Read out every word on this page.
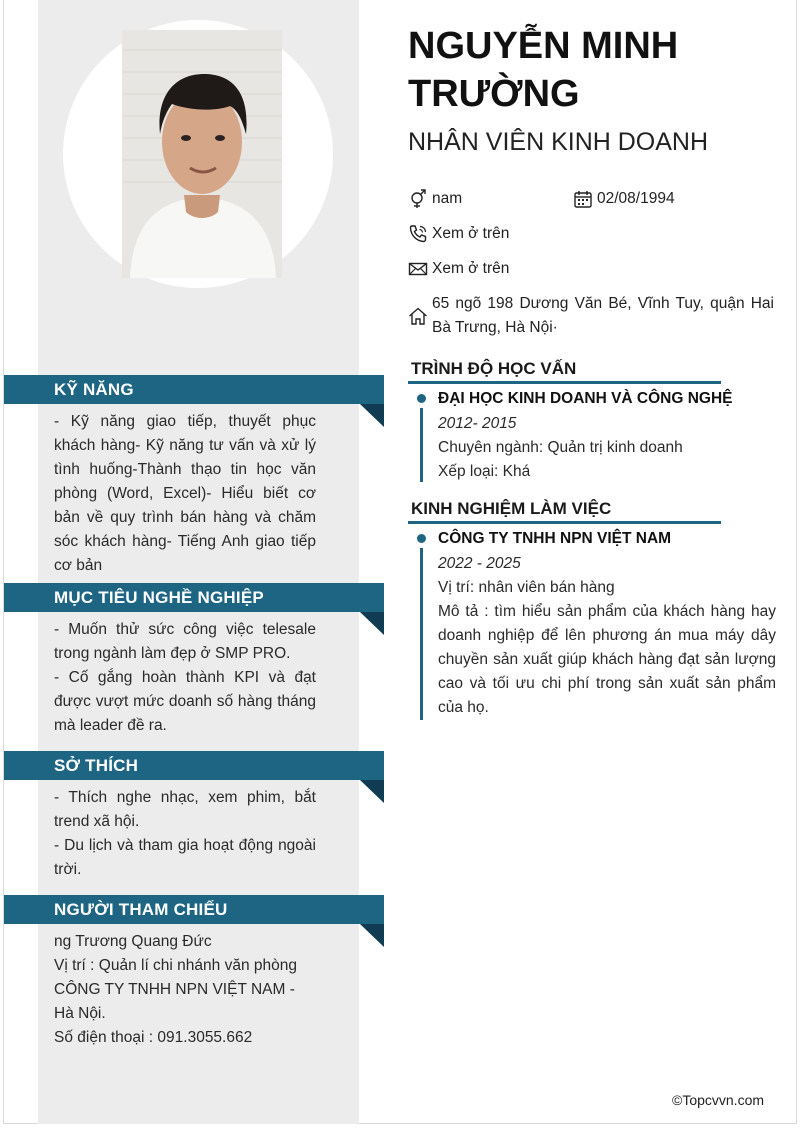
NGUYỄN MINH TRƯỜNG
NHÂN VIÊN KINH DOANH
nam	02/08/1994
Xem ở trên
Xem ở trên
65 ngõ 198 Dương Văn Bé, Vĩnh Tuy, quận Hai Bà Trưng, Hà Nội·
TRÌNH ĐỘ HỌC VẤN
ĐẠI HỌC KINH DOANH VÀ CÔNG NGHỆ

2012- 2015

Chuyên ngành: Quản trị kinh doanh

Xếp loại: Khá

KINH NGHIỆM LÀM VIỆC
CÔNG TY TNHH NPN VIỆT NAM

2022 - 2025

Vị trí: nhân viên bán hàng

Mô tả : tìm hiểu sản phẩm của khách hàng hay doanh nghiệp để lên phương án mua máy dây chuyền sản xuất giúp khách hàng đạt sản lượng cao và tối ưu chi phí trong sản xuất sản phẩm của họ.

KỸ NĂNG
- Kỹ năng giao tiếp, thuyết phục khách hàng- Kỹ năng tư vấn và xử lý tình huống-Thành thạo tin học văn phòng (Word, Excel)- Hiểu biết cơ bản về quy trình bán hàng và chăm sóc khách hàng- Tiếng Anh giao tiếp cơ bản
MỤC TIÊU NGHỀ NGHIỆP

- Muốn thử sức công việc telesale trong ngành làm đẹp ở SMP PRO.

- Cố gắng hoàn thành KPI và đạt được vượt mức doanh số hàng tháng mà leader đề ra.

SỞ THÍCH

- Thích nghe nhạc, xem phim, bắt trend xã hội.

- Du lịch và tham gia hoạt động ngoài trời.

NGƯỜI THAM CHIẾU

ng Trương Quang Đức

Vị trí : Quản lí chi nhánh văn phòng CÔNG TY TNHH NPN VIỆT NAM - Hà Nội.

Số điện thoại : 091.3055.662

©Topcvvn.com
